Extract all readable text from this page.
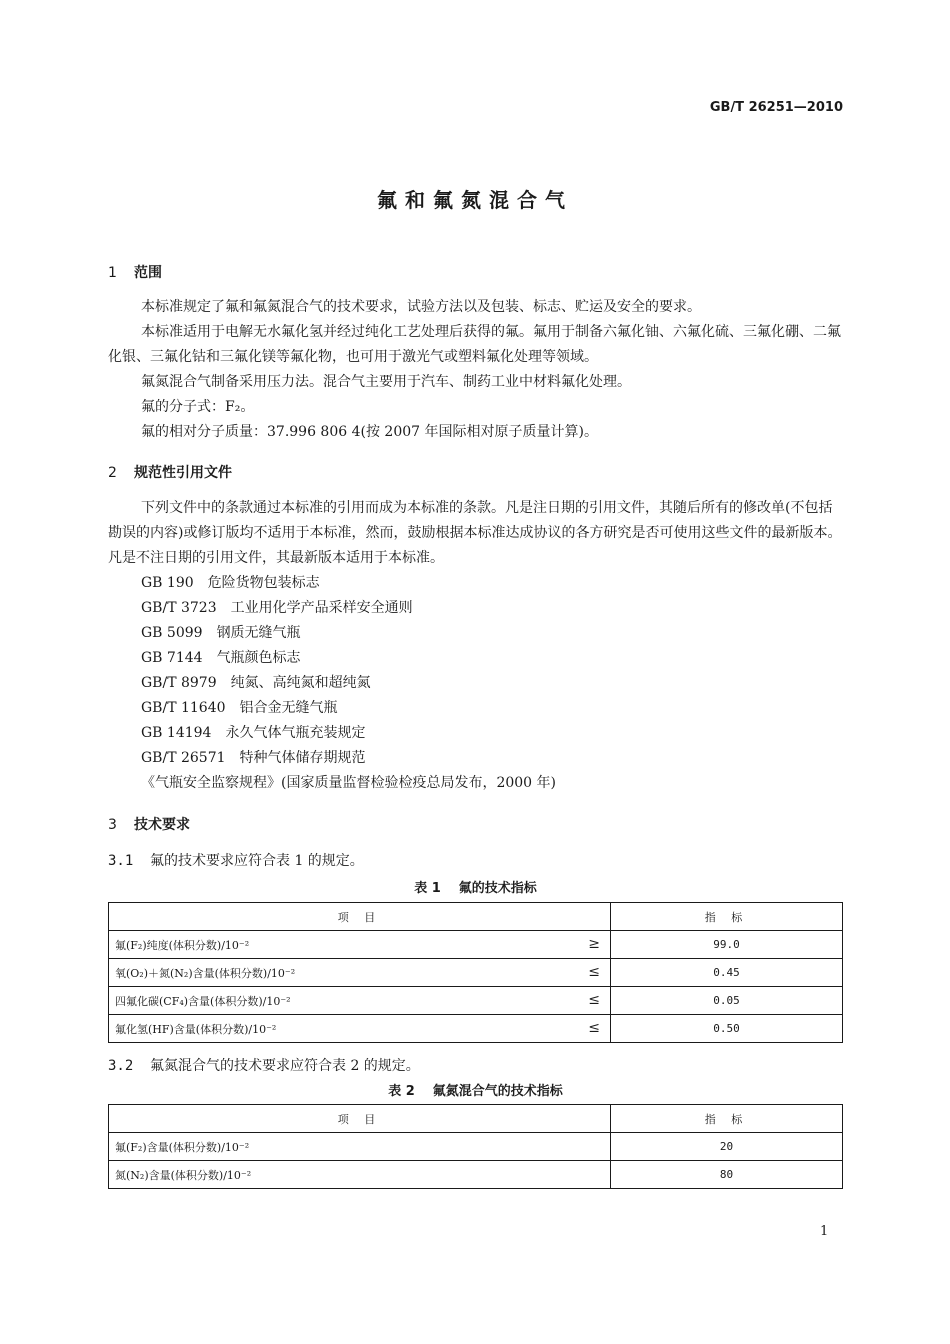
GB/T 26251—2010
氟和氟氮混合气
1 范围
本标准规定了氟和氟氮混合气的技术要求，试验方法以及包装、标志、贮运及安全的要求。
本标准适用于电解无水氟化氢并经过纯化工艺处理后获得的氟。氟用于制备六氟化铀、六氟化硫、三氟化硼、二氟化银、三氟化钴和三氟化镁等氟化物，也可用于激光气或塑料氟化处理等领域。
氟氮混合气制备采用压力法。混合气主要用于汽车、制药工业中材料氟化处理。
氟的分子式：F₂。
氟的相对分子质量：37.996 806 4(按 2007 年国际相对原子质量计算)。
2 规范性引用文件
下列文件中的条款通过本标准的引用而成为本标准的条款。凡是注日期的引用文件，其随后所有的修改单(不包括勘误的内容)或修订版均不适用于本标准，然而，鼓励根据本标准达成协议的各方研究是否可使用这些文件的最新版本。凡是不注日期的引用文件，其最新版本适用于本标准。
GB 190 危险货物包装标志
GB/T 3723 工业用化学产品采样安全通则
GB 5099 钢质无缝气瓶
GB 7144 气瓶颜色标志
GB/T 8979 纯氮、高纯氮和超纯氮
GB/T 11640 铝合金无缝气瓶
GB 14194 永久气体气瓶充装规定
GB/T 26571 特种气体储存期规范
《气瓶安全监察规程》(国家质量监督检验检疫总局发布，2000 年)
3 技术要求
3.1 氟的技术要求应符合表 1 的规定。
表 1 氟的技术指标
项 目	指 标
氟(F₂)纯度(体积分数)/10⁻² ≥	99.0
氧(O₂)＋氮(N₂)含量(体积分数)/10⁻² ≤	0.45
四氟化碳(CF₄)含量(体积分数)/10⁻² ≤	0.05
氟化氢(HF)含量(体积分数)/10⁻² ≤	0.50
3.2 氟氮混合气的技术要求应符合表 2 的规定。
表 2 氟氮混合气的技术指标
项 目	指 标
氟(F₂)含量(体积分数)/10⁻²	20
氮(N₂)含量(体积分数)/10⁻²	80
1
